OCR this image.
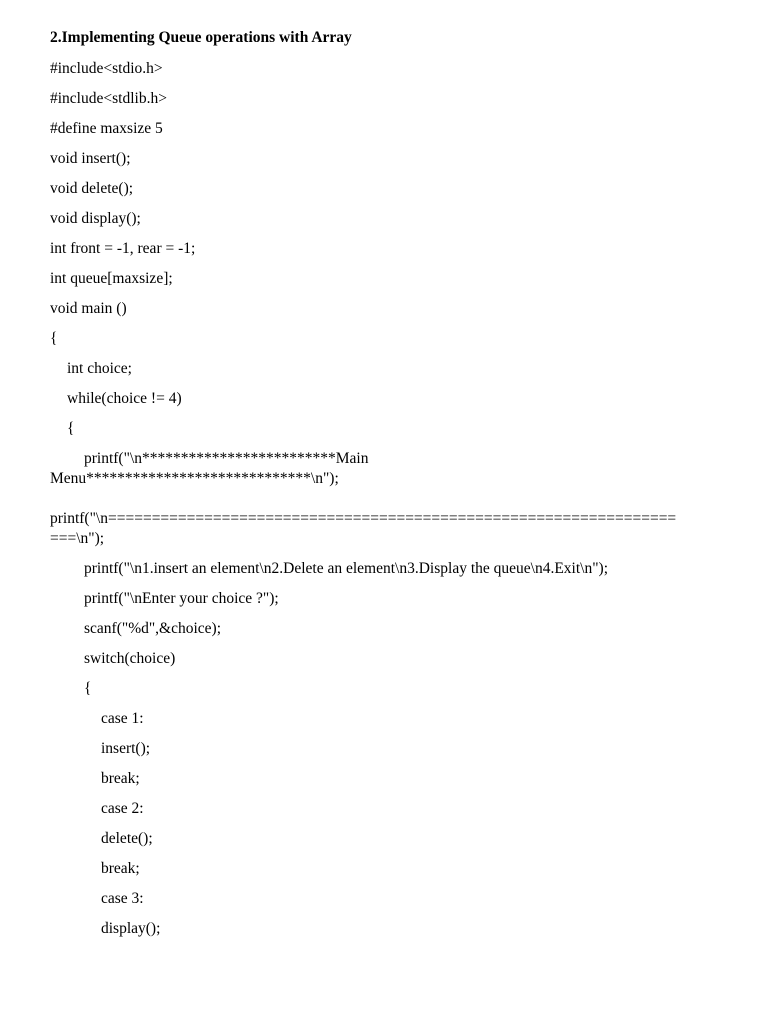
2.Implementing Queue operations with Array
#include<stdio.h>
#include<stdlib.h>
#define maxsize 5
void insert();
void delete();
void display();
int front = -1, rear = -1;
int queue[maxsize];
void main ()
{
int choice;
while(choice != 4)
{
printf("\n*************************Main
Menu*****************************\n");
printf("\n=================================================================
===\n");
printf("\n1.insert an element\n2.Delete an element\n3.Display the queue\n4.Exit\n");
printf("\nEnter your choice ?");
scanf("%d",&choice);
switch(choice)
{
case 1:
insert();
break;
case 2:
delete();
break;
case 3:
display();
